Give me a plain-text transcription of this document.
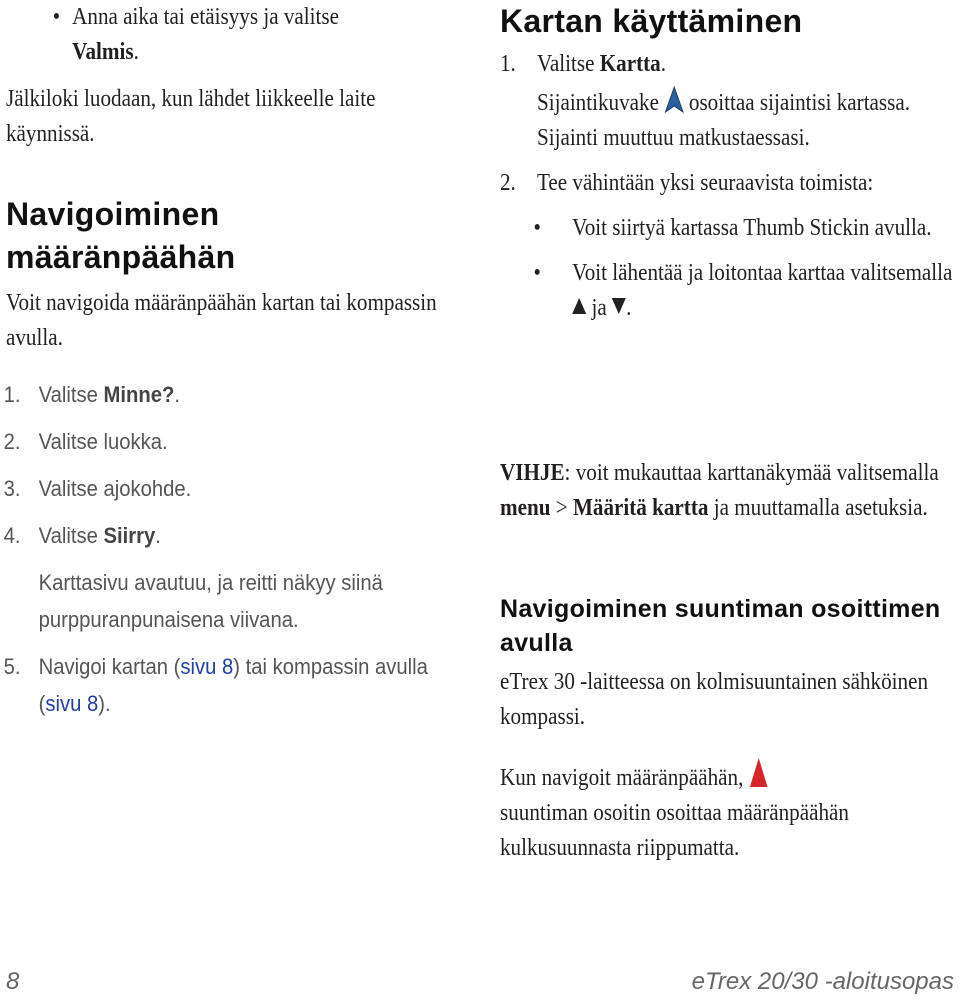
• Anna aika tai etäisyys ja valitse
Valmis.
Jälkiloki luodaan, kun lähdet liikkeelle laite käynnissä.
Navigoiminen määränpäähän
Voit navigoida määränpäähän kartan tai kompassin avulla.
1. Valitse Minne?.
2. Valitse luokka.
3. Valitse ajokohde.
4. Valitse Siirry.
Karttasivu avautuu, ja reitti näkyy siinä purppuranpunaisena viivana.
5. Navigoi kartan (sivu 8) tai kompassin avulla (sivu 8).
Kartan käyttäminen
1. Valitse Kartta.
Sijaintikuvake osoittaa sijaintisi kartassa. Sijainti muuttuu matkustaessasi.
2. Tee vähintään yksi seuraavista toimista:
• Voit siirtyä kartassa Thumb Stickin avulla.
• Voit lähentää ja loitontaa karttaa valitsemalla  ja .
VIHJE: voit mukauttaa karttanäkymää valitsemalla menu > Määritä kartta ja muuttamalla asetuksia.
Navigoiminen suuntiman osoittimen avulla
eTrex 30 -laitteessa on kolmisuuntainen sähköinen kompassi.
Kun navigoit määränpäähän,
suuntiman osoitin osoittaa määränpäähän kulkusuunnasta riippumatta.
8	eTrex 20/30 -aloitusopas
